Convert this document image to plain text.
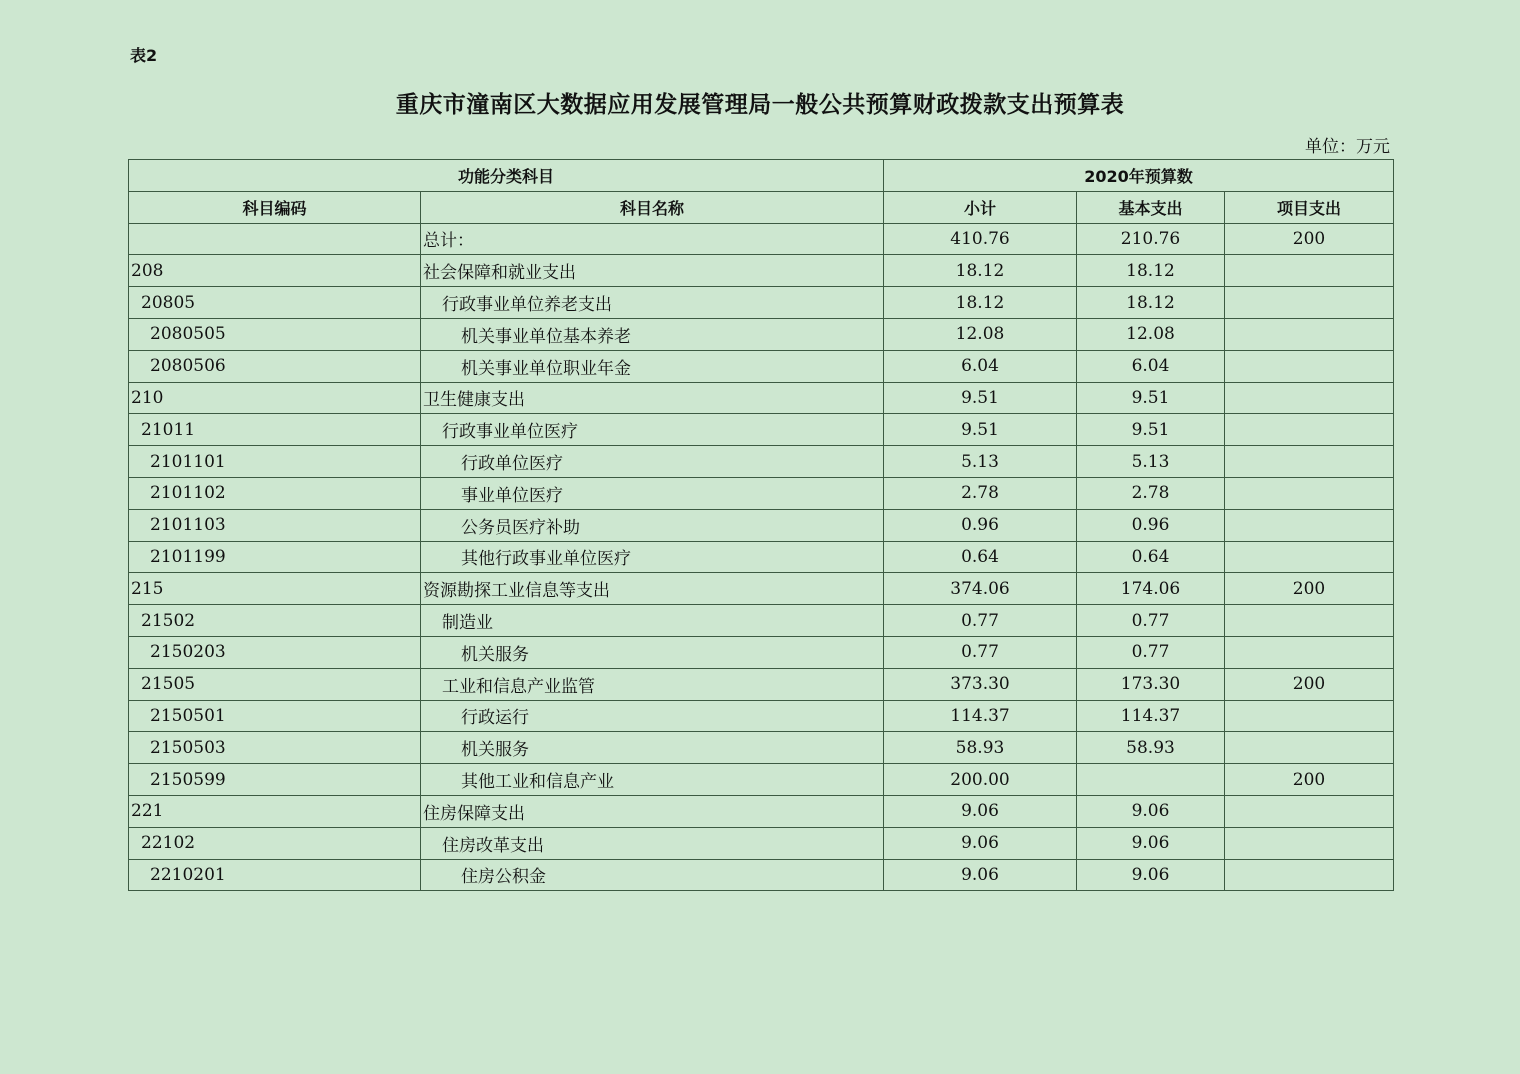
表2
重庆市潼南区大数据应用发展管理局一般公共预算财政拨款支出预算表
单位：万元
功能分类科目		2020年预算数		
科目编码	科目名称	小计	基本支出	项目支出
	总计：	410.76	210.76	200
208	社会保障和就业支出	18.12	18.12	
20805	行政事业单位养老支出	18.12	18.12	
2080505	机关事业单位基本养老	12.08	12.08	
2080506	机关事业单位职业年金	6.04	6.04	
210	卫生健康支出	9.51	9.51	
21011	行政事业单位医疗	9.51	9.51	
2101101	行政单位医疗	5.13	5.13	
2101102	事业单位医疗	2.78	2.78	
2101103	公务员医疗补助	0.96	0.96	
2101199	其他行政事业单位医疗	0.64	0.64	
215	资源勘探工业信息等支出	374.06	174.06	200
21502	制造业	0.77	0.77	
2150203	机关服务	0.77	0.77	
21505	工业和信息产业监管	373.30	173.30	200
2150501	行政运行	114.37	114.37	
2150503	机关服务	58.93	58.93	
2150599	其他工业和信息产业	200.00		200
221	住房保障支出	9.06	9.06	
22102	住房改革支出	9.06	9.06	
2210201	住房公积金	9.06	9.06	
